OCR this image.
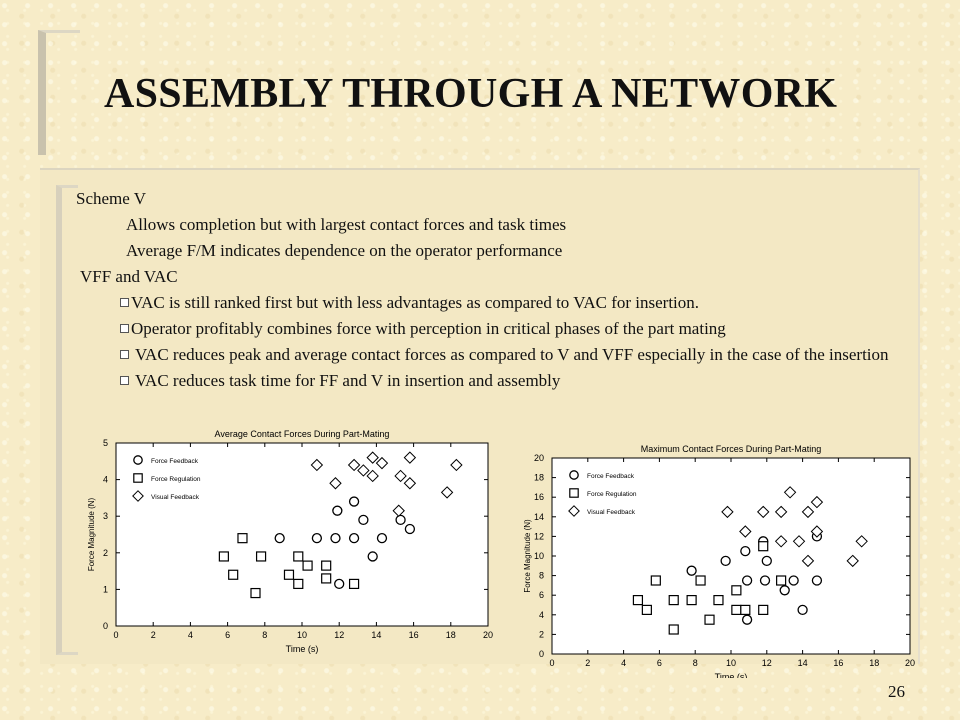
ASSEMBLY THROUGH A NETWORK
Scheme V
Allows completion but with largest contact forces and task times
Average F/M indicates dependence on the operator performance
VFF and VAC
VAC is still ranked first but with less advantages as compared to VAC for insertion.
Operator profitably combines force with perception in critical phases of the part mating
VAC reduces peak and average contact forces as compared to V and VFF especially in the case of the insertion
VAC reduces task time for FF and V in insertion and assembly
Average Contact Forces During Part-Mating
0	2	4	6	8	10	12	14	16	18	20
0
1
2
3
4
5
Time (s)
Force Magnitude (N)
Force Feedback
Force Regulation
Visual Feedback
Maximum Contact Forces During Part-Mating
0	2	4	6	8	10	12	14	16	18	20
0
2
4
6
8
10
12
14
16
18
20
Time (s)
Force Magnitude (N)
Force Feedback
Force Regulation
Visual Feedback
26
